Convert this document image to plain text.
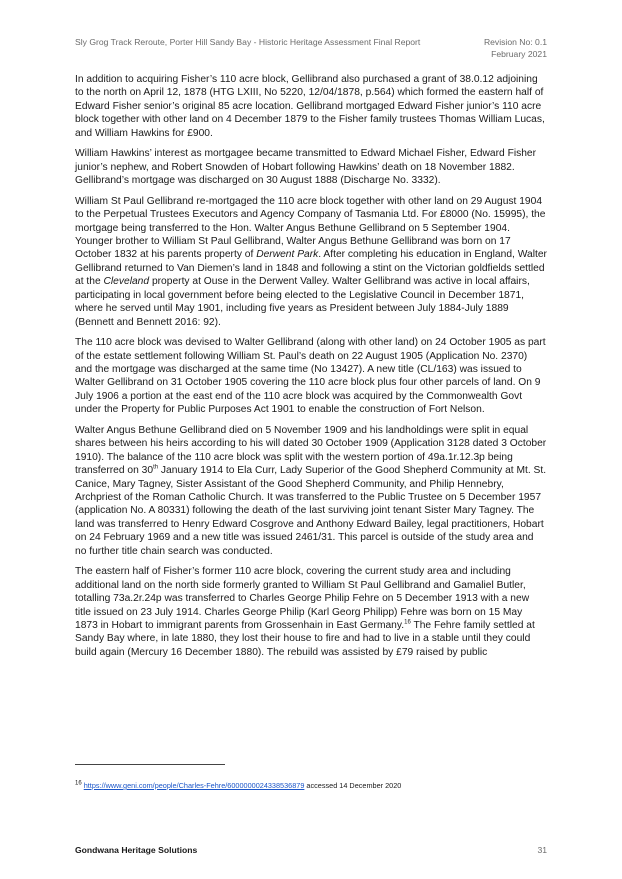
Sly Grog Track Reroute, Porter Hill Sandy Bay - Historic Heritage Assessment Final Report	Revision No: 0.1
February 2021

In addition to acquiring Fisher’s 110 acre block, Gellibrand also purchased a grant of 38.0.12 adjoining to the north on April 12, 1878 (HTG LXIII, No 5220, 12/04/1878, p.564) which formed the eastern half of Edward Fisher senior’s original 85 acre location. Gellibrand mortgaged Edward Fisher junior’s 110 acre block together with other land on 4 December 1879 to the Fisher family trustees Thomas William Lucas, and William Hawkins for £900.

William Hawkins’ interest as mortgagee became transmitted to Edward Michael Fisher, Edward Fisher junior’s nephew, and Robert Snowden of Hobart following Hawkins’ death on 18 November 1882. Gellibrand’s mortgage was discharged on 30 August 1888 (Discharge No. 3332).

William St Paul Gellibrand re-mortgaged the 110 acre block together with other land on 29 August 1904 to the Perpetual Trustees Executors and Agency Company of Tasmania Ltd. For £8000 (No. 15995), the mortgage being transferred to the Hon. Walter Angus Bethune Gellibrand on 5 September 1904. Younger brother to William St Paul Gellibrand, Walter Angus Bethune Gellibrand was born on 17 October 1832 at his parents property of Derwent Park. After completing his education in England, Walter Gellibrand returned to Van Diemen’s land in 1848 and following a stint on the Victorian goldfields settled at the Cleveland property at Ouse in the Derwent Valley. Walter Gellibrand was active in local affairs, participating in local government before being elected to the Legislative Council in December 1871, where he served until May 1901, including five years as President between July 1884-July 1889 (Bennett and Bennett 2016: 92).

The 110 acre block was devised to Walter Gellibrand (along with other land) on 24 October 1905 as part of the estate settlement following William St. Paul’s death on 22 August 1905 (Application No. 2370) and the mortgage was discharged at the same time (No 13427). A new title (CL/163) was issued to Walter Gellibrand on 31 October 1905 covering the 110 acre block plus four other parcels of land. On 9 July 1906 a portion at the east end of the 110 acre block was acquired by the Commonwealth Govt under the Property for Public Purposes Act 1901 to enable the construction of Fort Nelson.

Walter Angus Bethune Gellibrand died on 5 November 1909 and his landholdings were split in equal shares between his heirs according to his will dated 30 October 1909 (Application 3128 dated 3 October 1910). The balance of the 110 acre block was split with the western portion of 49a.1r.12.3p being transferred on 30th January 1914 to Ela Curr, Lady Superior of the Good Shepherd Community at Mt. St. Canice, Mary Tagney, Sister Assistant of the Good Shepherd Community, and Philip Hennebry, Archpriest of the Roman Catholic Church. It was transferred to the Public Trustee on 5 December 1957 (application No. A 80331) following the death of the last surviving joint tenant Sister Mary Tagney. The land was transferred to Henry Edward Cosgrove and Anthony Edward Bailey, legal practitioners, Hobart on 24 February 1969 and a new title was issued 2461/31. This parcel is outside of the study area and no further title chain search was conducted.

The eastern half of Fisher’s former 110 acre block, covering the current study area and including additional land on the north side formerly granted to William St Paul Gellibrand and Gamaliel Butler, totalling 73a.2r.24p was transferred to Charles George Philip Fehre on 5 December 1913 with a new title issued on 23 July 1914. Charles George Philip (Karl Georg Philipp) Fehre was born on 15 May 1873 in Hobart to immigrant parents from Grossenhain in East Germany.$^{16}$ The Fehre family settled at Sandy Bay where, in late 1880, they lost their house to fire and had to live in a stable until they could build again (Mercury 16 December 1880). The rebuild was assisted by £79 raised by public

$^{16}$ https://www.geni.com/people/Charles-Fehre/6000000024338536879 accessed 14 December 2020
Gondwana Heritage Solutions	31
